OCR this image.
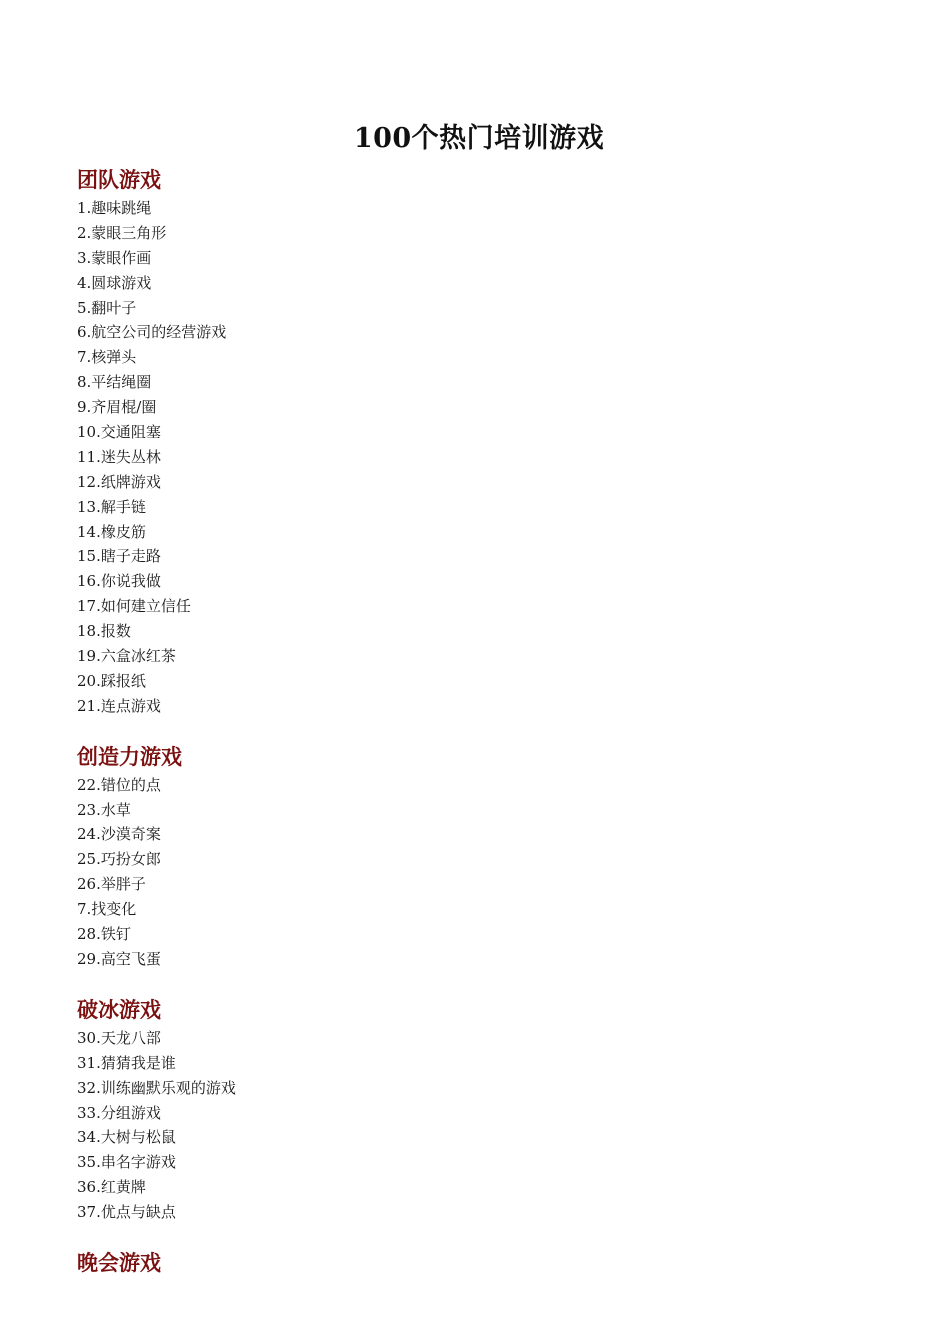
100个热门培训游戏
团队游戏
1.趣味跳绳
2.蒙眼三角形
3.蒙眼作画
4.圆球游戏
5.翻叶子
6.航空公司的经营游戏
7.核弹头
8.平结绳圈
9.齐眉棍/圈
10.交通阻塞
11.迷失丛林
12.纸牌游戏
13.解手链
14.橡皮筋
15.瞎子走路
16.你说我做
17.如何建立信任
18.报数
19.六盒冰红茶
20.踩报纸
21.连点游戏
创造力游戏
22.错位的点
23.水草
24.沙漠奇案
25.巧扮女郎
26.举胖子
7.找变化
28.铁钉
29.高空飞蛋
破冰游戏
30.天龙八部
31.猜猜我是谁
32.训练幽默乐观的游戏
33.分组游戏
34.大树与松鼠
35.串名字游戏
36.红黄牌
37.优点与缺点
晚会游戏
